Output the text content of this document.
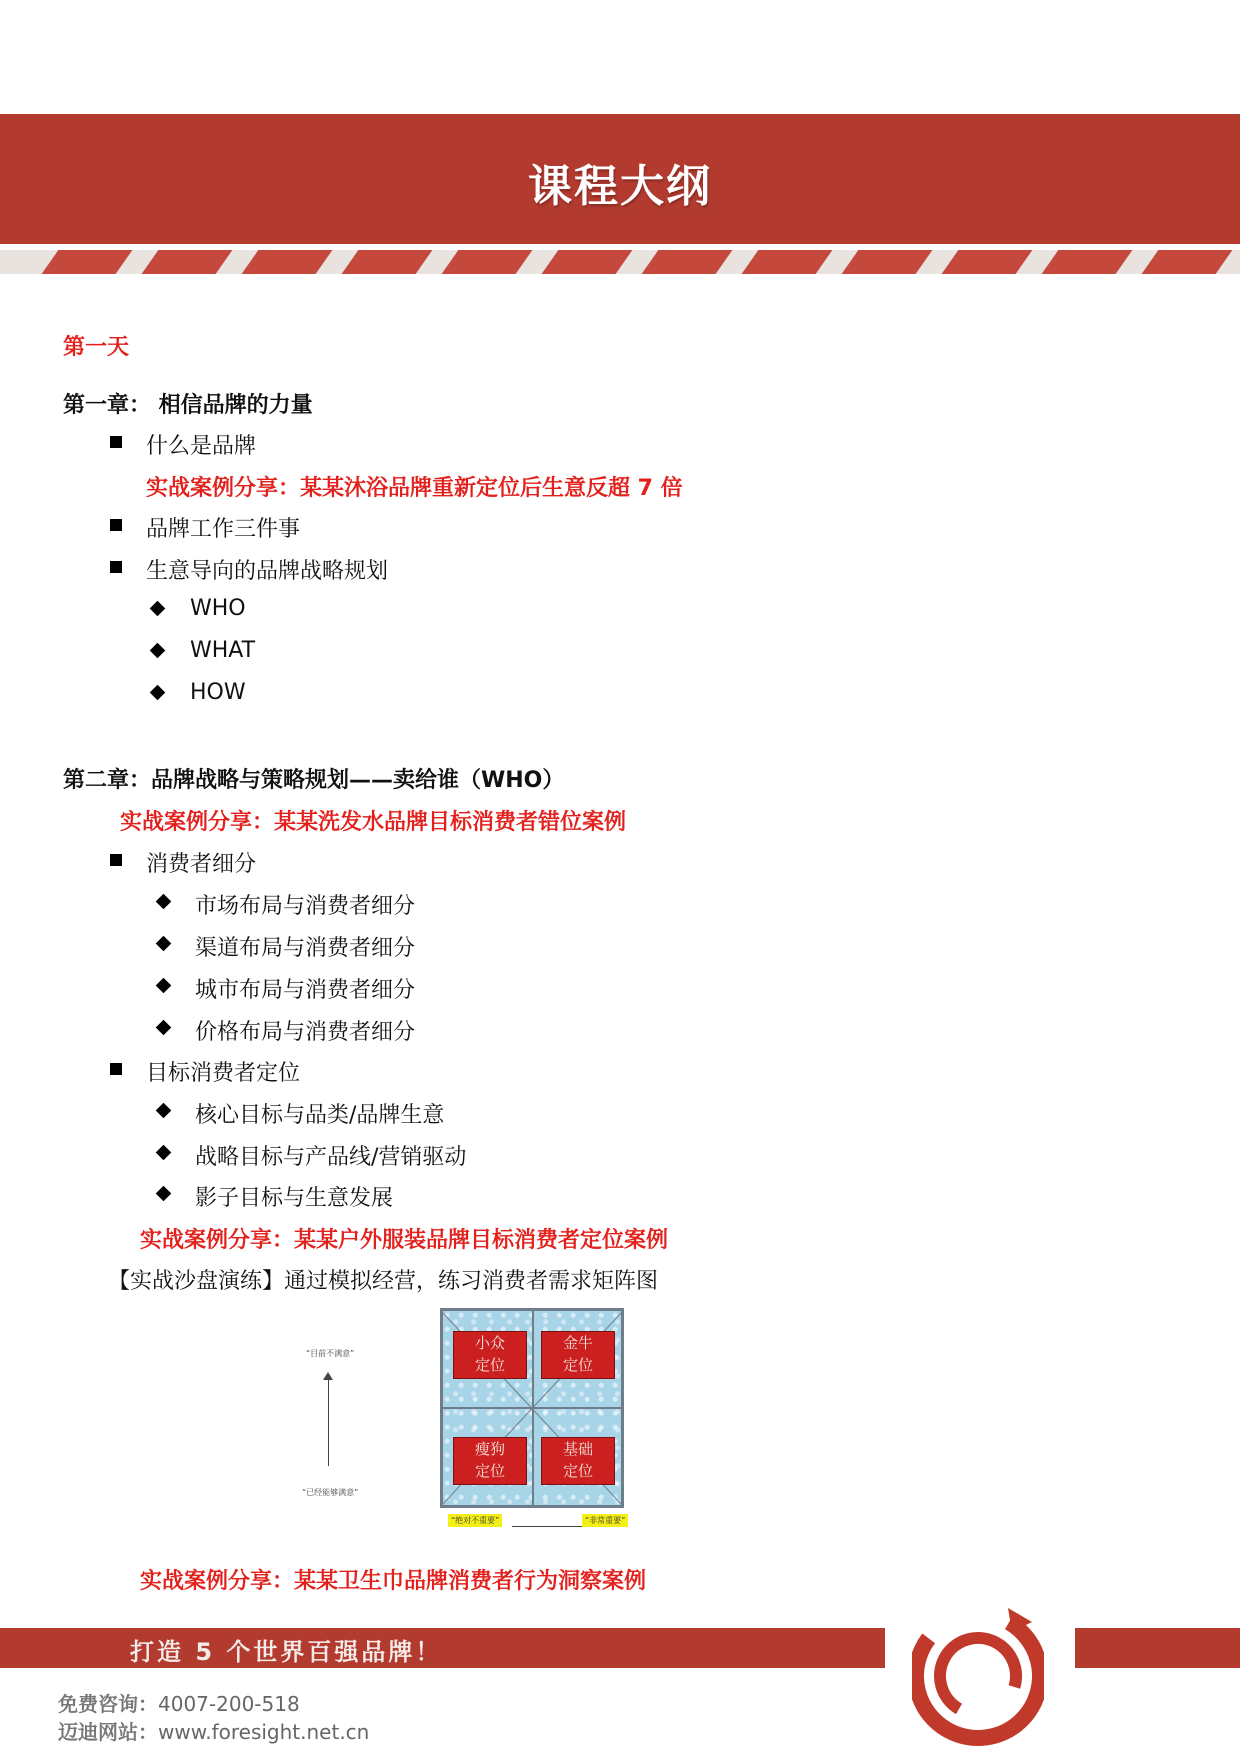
课程大纲
第一天
第一章： 相信品牌的力量
什么是品牌
实战案例分享：某某沐浴品牌重新定位后生意反超 7 倍
品牌工作三件事
生意导向的品牌战略规划
WHO
WHAT
HOW
第二章：品牌战略与策略规划——卖给谁（WHO）
实战案例分享：某某洗发水品牌目标消费者错位案例
消费者细分
市场布局与消费者细分
渠道布局与消费者细分
城市布局与消费者细分
价格布局与消费者细分
目标消费者定位
核心目标与品类/品牌生意
战略目标与产品线/营销驱动
影子目标与生意发展
实战案例分享：某某户外服装品牌目标消费者定位案例
【实战沙盘演练】通过模拟经营，练习消费者需求矩阵图
“目前不满意”
“已经能够满意”
小众
定位
金牛
定位
瘦狗
定位
基础
定位
“绝对不重要”	“非常重要”
实战案例分享：某某卫生巾品牌消费者行为洞察案例
打造 5 个世界百强品牌！
免费咨询：4007-200-518
迈迪网站：www.foresight.net.cn
